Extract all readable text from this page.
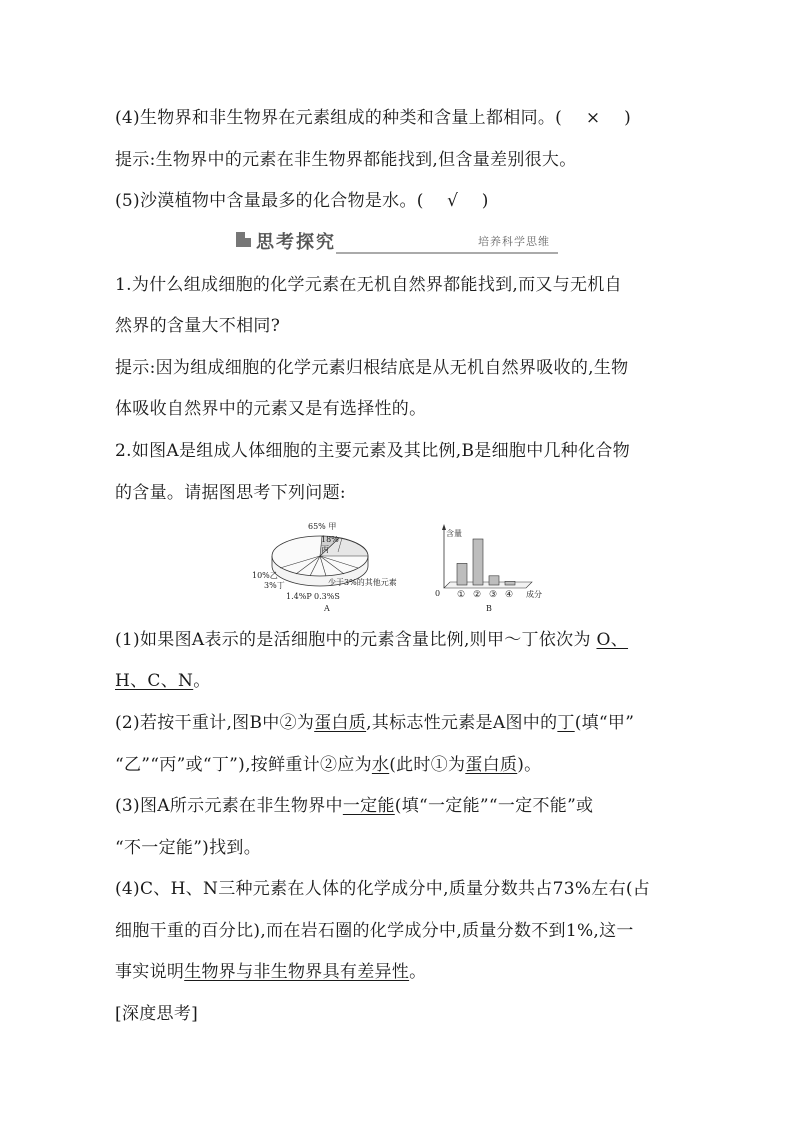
(4)生物界和非生物界在元素组成的种类和含量上都相同。( × )
提示:生物界中的元素在非生物界都能找到,但含量差别很大。
(5)沙漠植物中含量最多的化合物是水。( √ )
思考探究	培养科学思维
1.为什么组成细胞的化学元素在无机自然界都能找到,而又与无机自
然界的含量大不相同?
提示:因为组成细胞的化学元素归根结底是从无机自然界吸收的,生物
体吸收自然界中的元素又是有选择性的。
2.如图A是组成人体细胞的主要元素及其比例,B是细胞中几种化合物
的含量。请据图思考下列问题:
65% 甲
18%
丙
10%乙
3%丁
1.4%P 0.3%S
少于3%的其他元素
A
含量
0	成分
① ② ③ ④
B
(1)如果图A表示的是活细胞中的元素含量比例,则甲～丁依次为 O、
H、C、N。
(2)若按干重计,图B中②为蛋白质,其标志性元素是A图中的丁(填“甲”
“乙”“丙”或“丁”),按鲜重计②应为水(此时①为蛋白质)。
(3)图A所示元素在非生物界中一定能(填“一定能”“一定不能”或
“不一定能”)找到。
(4)C、H、N三种元素在人体的化学成分中,质量分数共占73%左右(占
细胞干重的百分比),而在岩石圈的化学成分中,质量分数不到1%,这一
事实说明生物界与非生物界具有差异性。
[深度思考]
